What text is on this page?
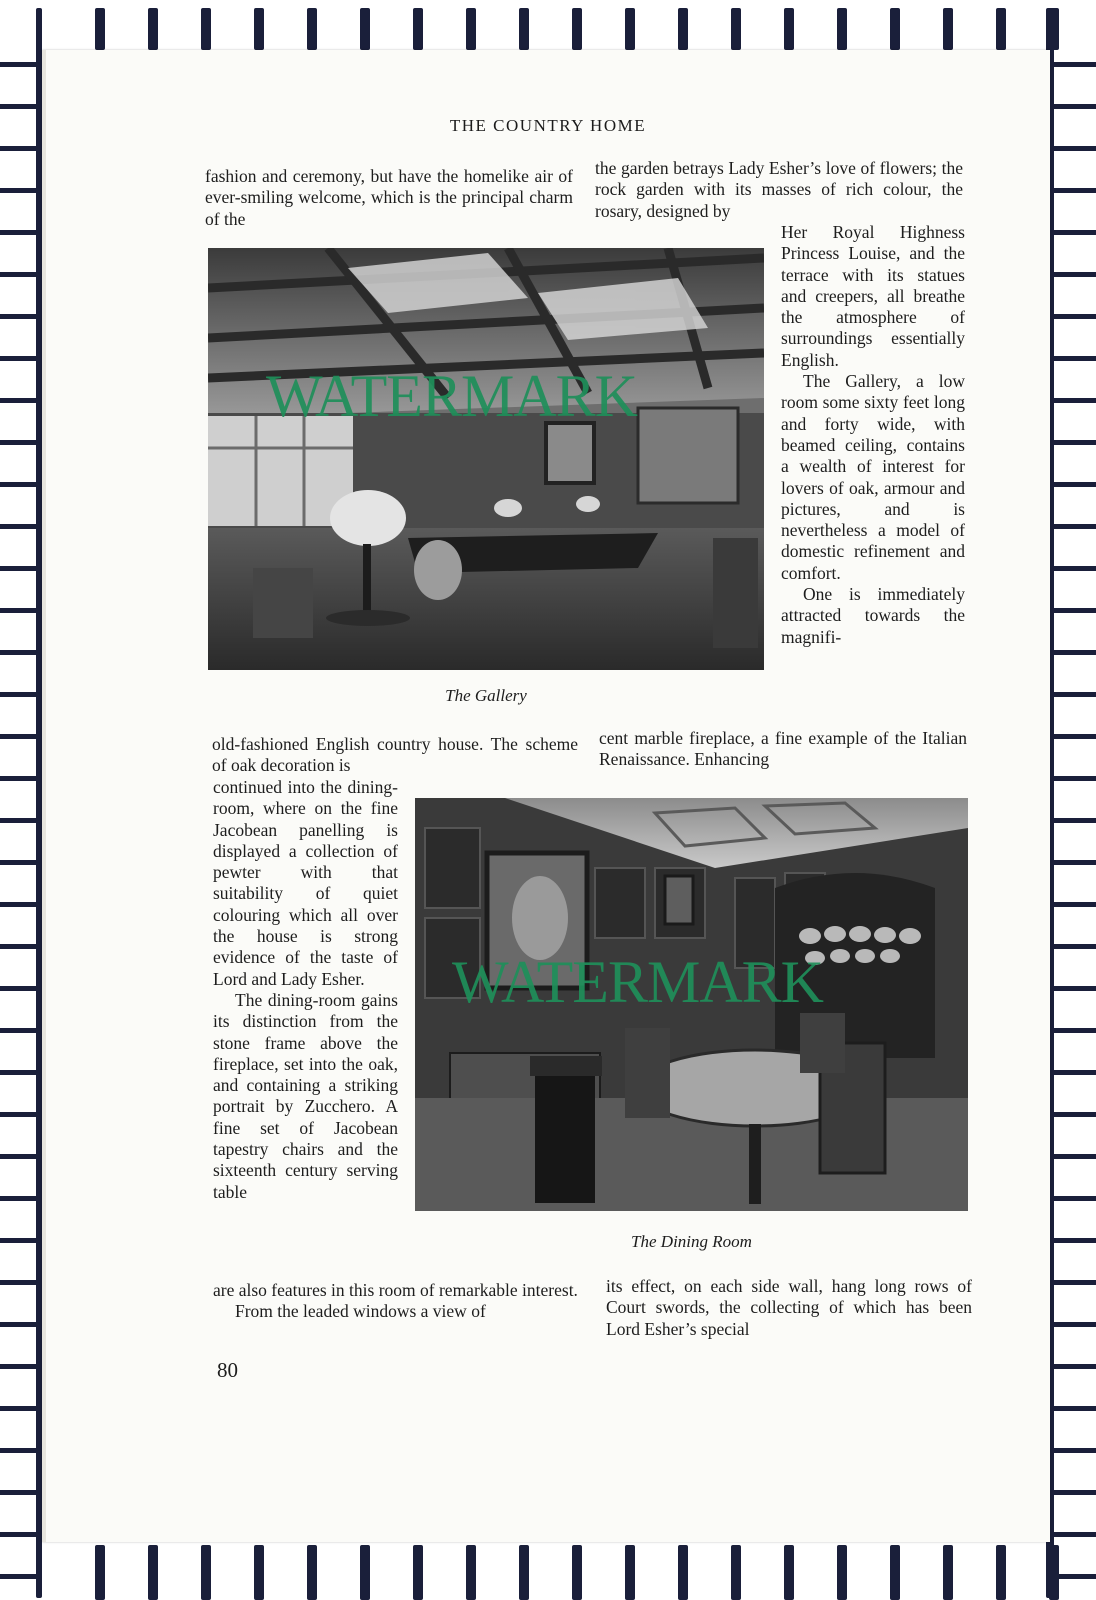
THE COUNTRY HOME

fashion and ceremony, but have the homelike air of ever-smiling welcome, which is the principal charm of the

the garden betrays Lady Esher’s love of flowers; the rock garden with its masses of rich colour, the rosary, designed by

WATERMARK
The Gallery

Her Royal Highness Princess Louise, and the terrace with its statues and creepers, all breathe the atmosphere of surroundings essentially English.

The Gallery, a low room some sixty feet long and forty wide, with beamed ceiling, contains a wealth of interest for lovers of oak, armour and pictures, and is nevertheless a model of domestic refinement and comfort.

One is immediately attracted towards the magnifi-

old-fashioned English country house. The scheme of oak decoration is

cent marble fireplace, a fine example of the Italian Renaissance. Enhancing

continued into the dining-room, where on the fine Jacobean panelling is displayed a collection of pewter with that suitability of quiet colouring which all over the house is strong evidence of the taste of Lord and Lady Esher.

The dining-room gains its distinction from the stone frame above the fireplace, set into the oak, and containing a striking portrait by Zucchero. A fine set of Jacobean tapestry chairs and the sixteenth century serving table

WATERMARK
The Dining Room

are also features in this room of remarkable interest.

From the leaded windows a view of

its effect, on each side wall, hang long rows of Court swords, the collecting of which has been Lord Esher’s special

80
